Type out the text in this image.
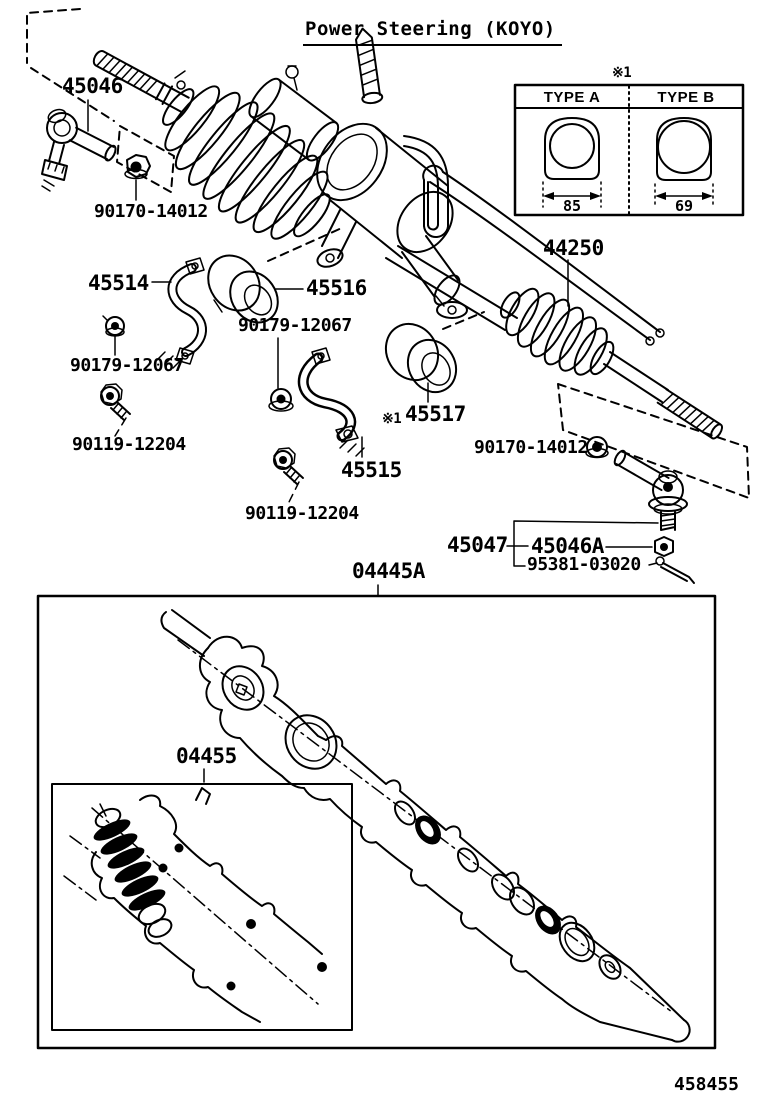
Power Steering (KOYO)
※1
TYPE A	TYPE B
85	69
45046
90170-14012
45514	45516
90179-12067
90179-12067
90119-12204
45515
90119-12204
※1 45517
44250
90170-14012
45047 45046A
95381-03020
04445A
04455
458455
